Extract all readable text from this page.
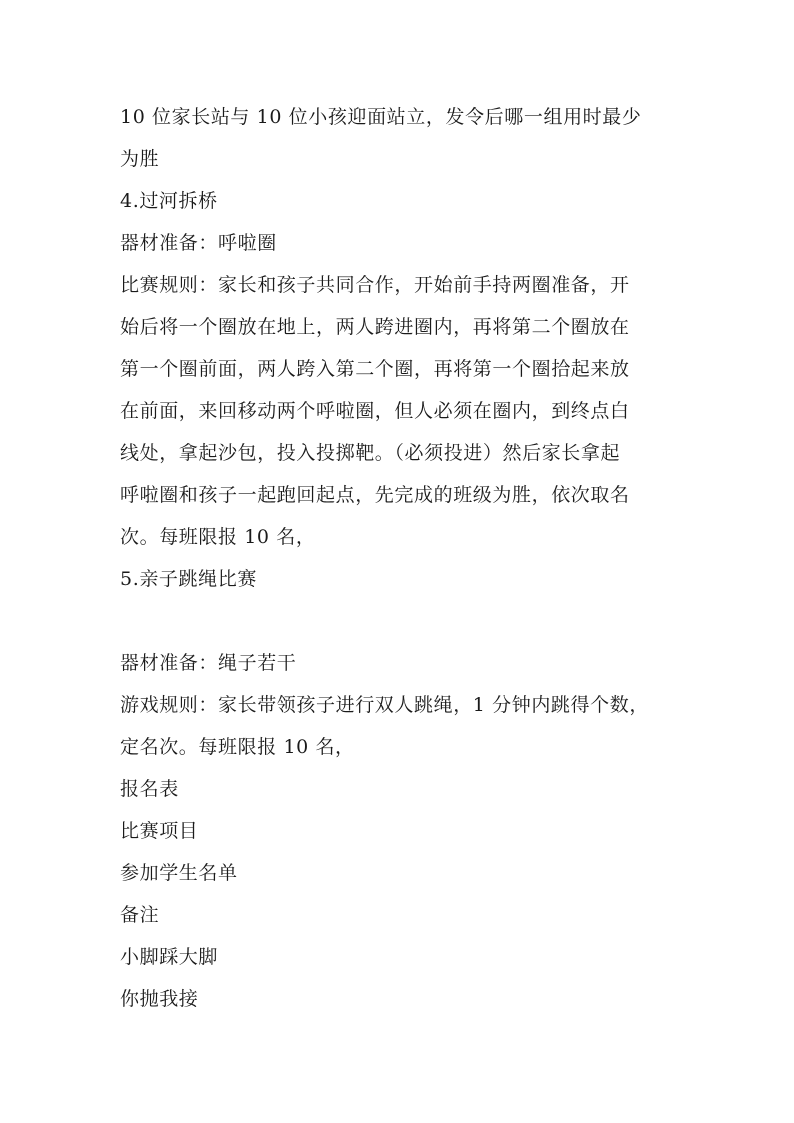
10 位家长站与 10 位小孩迎面站立，发令后哪一组用时最少
为胜
4.过河拆桥
器材准备：呼啦圈
比赛规则：家长和孩子共同合作，开始前手持两圈准备，开
始后将一个圈放在地上，两人跨进圈内，再将第二个圈放在
第一个圈前面，两人跨入第二个圈，再将第一个圈拾起来放
在前面，来回移动两个呼啦圈，但人必须在圈内，到终点白
线处，拿起沙包，投入投掷靶。（必须投进）然后家长拿起
呼啦圈和孩子一起跑回起点，先完成的班级为胜，依次取名
次。每班限报 10 名，
5.亲子跳绳比赛
器材准备：绳子若干
游戏规则：家长带领孩子进行双人跳绳，1 分钟内跳得个数，
定名次。每班限报 10 名，
报名表
比赛项目
参加学生名单
备注
小脚踩大脚
你抛我接
